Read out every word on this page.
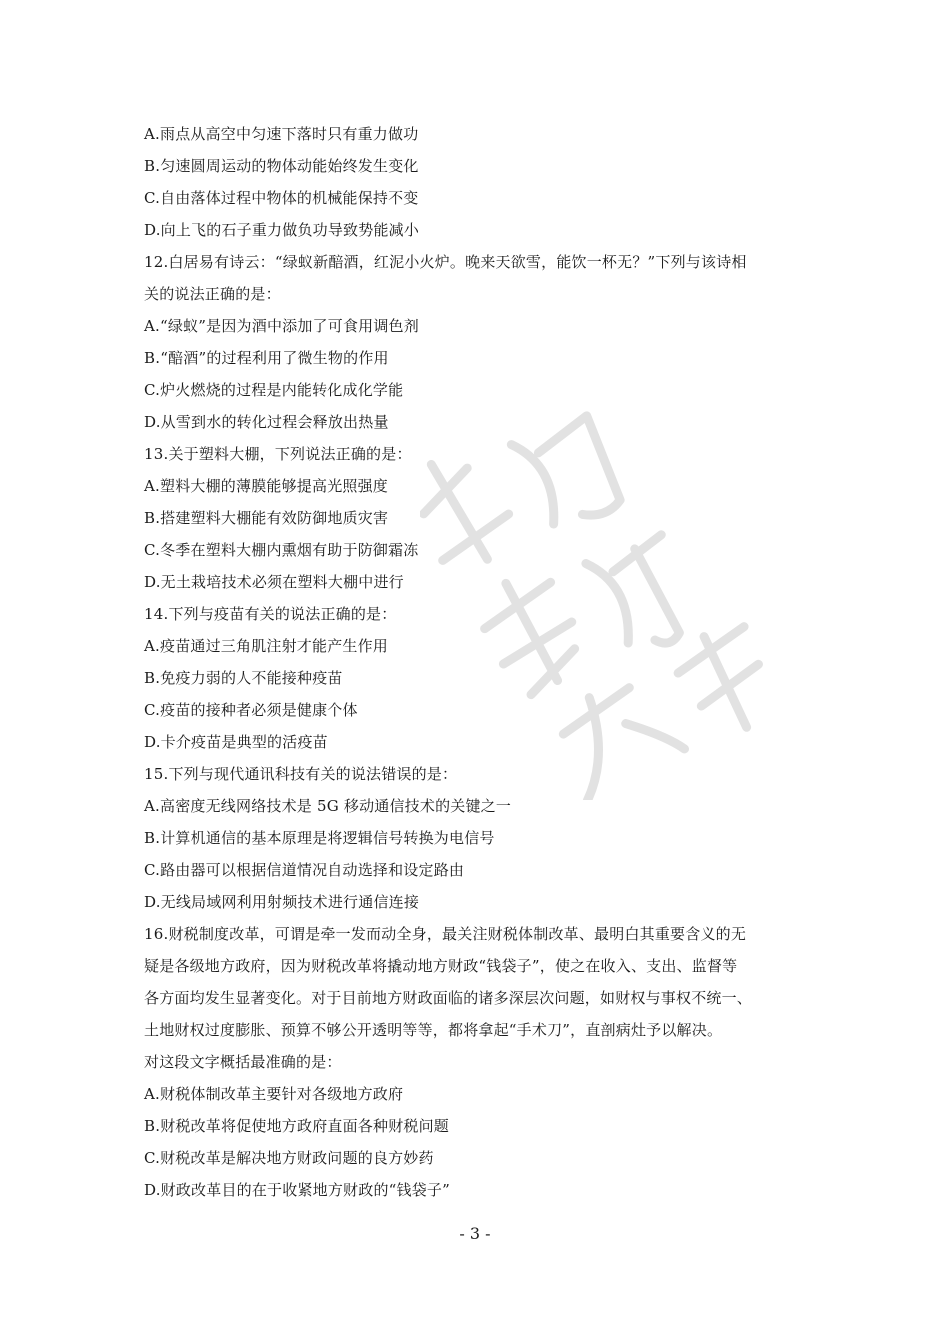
A.雨点从高空中匀速下落时只有重力做功
B.匀速圆周运动的物体动能始终发生变化
C.自由落体过程中物体的机械能保持不变
D.向上飞的石子重力做负功导致势能减小
12.白居易有诗云：“绿蚁新醅酒，红泥小火炉。晚来天欲雪，能饮一杯无？”下列与该诗相
关的说法正确的是：
A.“绿蚁”是因为酒中添加了可食用调色剂
B.“醅酒”的过程利用了微生物的作用
C.炉火燃烧的过程是内能转化成化学能
D.从雪到水的转化过程会释放出热量
13.关于塑料大棚，下列说法正确的是：
A.塑料大棚的薄膜能够提高光照强度
B.搭建塑料大棚能有效防御地质灾害
C.冬季在塑料大棚内熏烟有助于防御霜冻
D.无土栽培技术必须在塑料大棚中进行
14.下列与疫苗有关的说法正确的是：
A.疫苗通过三角肌注射才能产生作用
B.免疫力弱的人不能接种疫苗
C.疫苗的接种者必须是健康个体
D.卡介疫苗是典型的活疫苗
15.下列与现代通讯科技有关的说法错误的是：
A.高密度无线网络技术是 5G 移动通信技术的关键之一
B.计算机通信的基本原理是将逻辑信号转换为电信号
C.路由器可以根据信道情况自动选择和设定路由
D.无线局域网利用射频技术进行通信连接
16.财税制度改革，可谓是牵一发而动全身，最关注财税体制改革、最明白其重要含义的无
疑是各级地方政府，因为财税改革将撬动地方财政“钱袋子”，使之在收入、支出、监督等
各方面均发生显著变化。对于目前地方财政面临的诸多深层次问题，如财权与事权不统一、
土地财权过度膨胀、预算不够公开透明等等，都将拿起“手术刀”，直剖病灶予以解决。
对这段文字概括最准确的是：
A.财税体制改革主要针对各级地方政府
B.财税改革将促使地方政府直面各种财税问题
C.财税改革是解决地方财政问题的良方妙药
D.财政改革目的在于收紧地方财政的“钱袋子”
- 3 -
